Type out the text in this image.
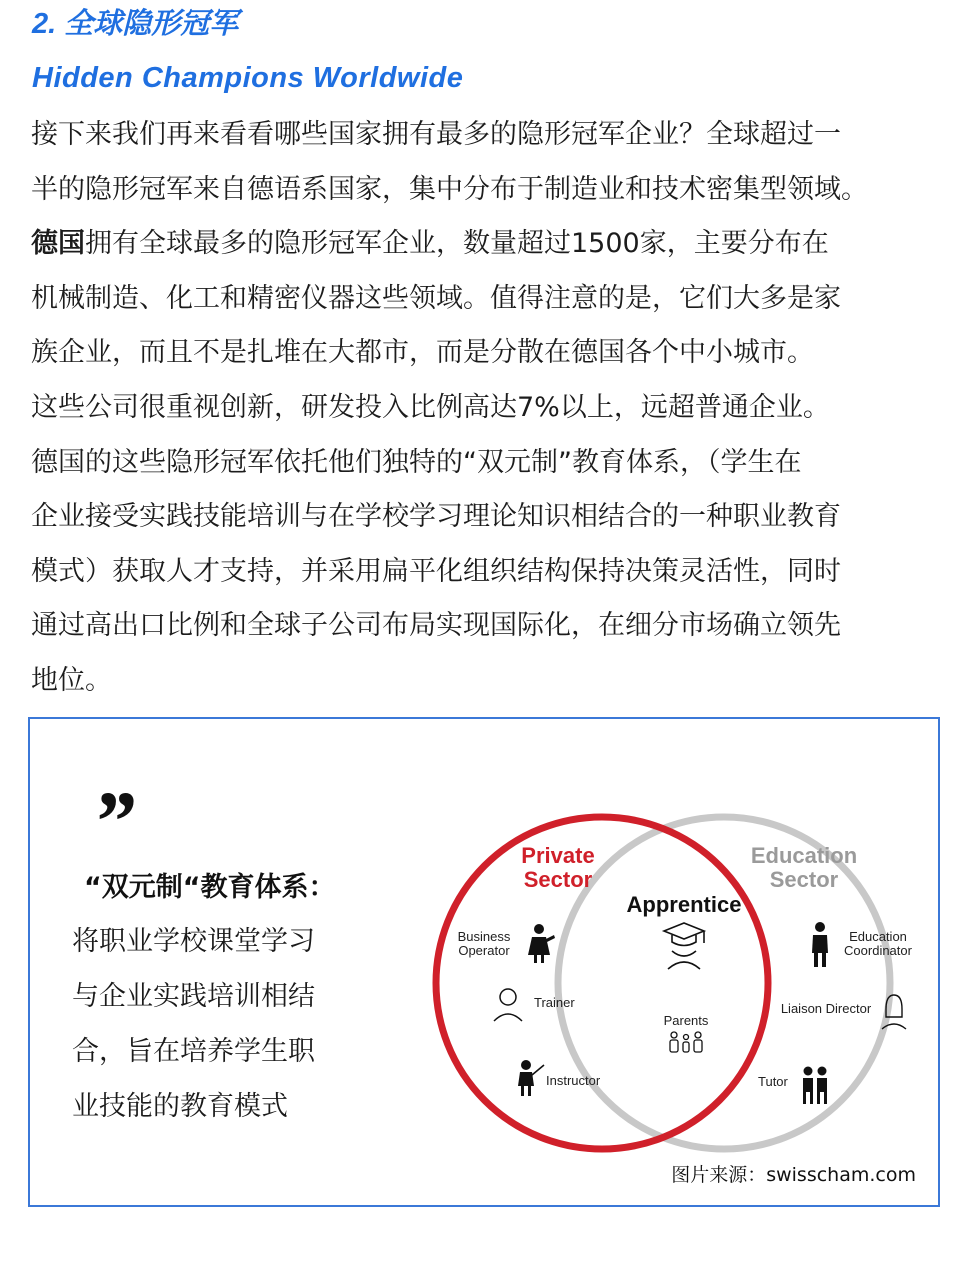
2. 全球隐形冠军
Hidden Champions Worldwide
接下来我们再来看看哪些国家拥有最多的隐形冠军企业？全球超过一
半的隐形冠军来自德语系国家，集中分布于制造业和技术密集型领域。
德国拥有全球最多的隐形冠军企业，数量超过1500家，主要分布在
机械制造、化工和精密仪器这些领域。值得注意的是，它们大多是家
族企业，而且不是扎堆在大都市，而是分散在德国各个中小城市。
这些公司很重视创新，研发投入比例高达7%以上，远超普通企业。
德国的这些隐形冠军依托他们独特的“双元制”教育体系，（学生在
企业接受实践技能培训与在学校学习理论知识相结合的一种职业教育
模式）获取人才支持，并采用扁平化组织结构保持决策灵活性，同时
通过高出口比例和全球子公司布局实现国际化，在细分市场确立领先
地位。
”
“双元制“教育体系：
将职业学校课堂学习
与企业实践培训相结
合，旨在培养学生职
业技能的教育模式
Private
Sector
Education
Sector
Apprentice
Business
Operator
Trainer
Instructor
Parents
Education
Coordinator
Liaison Director
Tutor
图片来源：swisscham.com
